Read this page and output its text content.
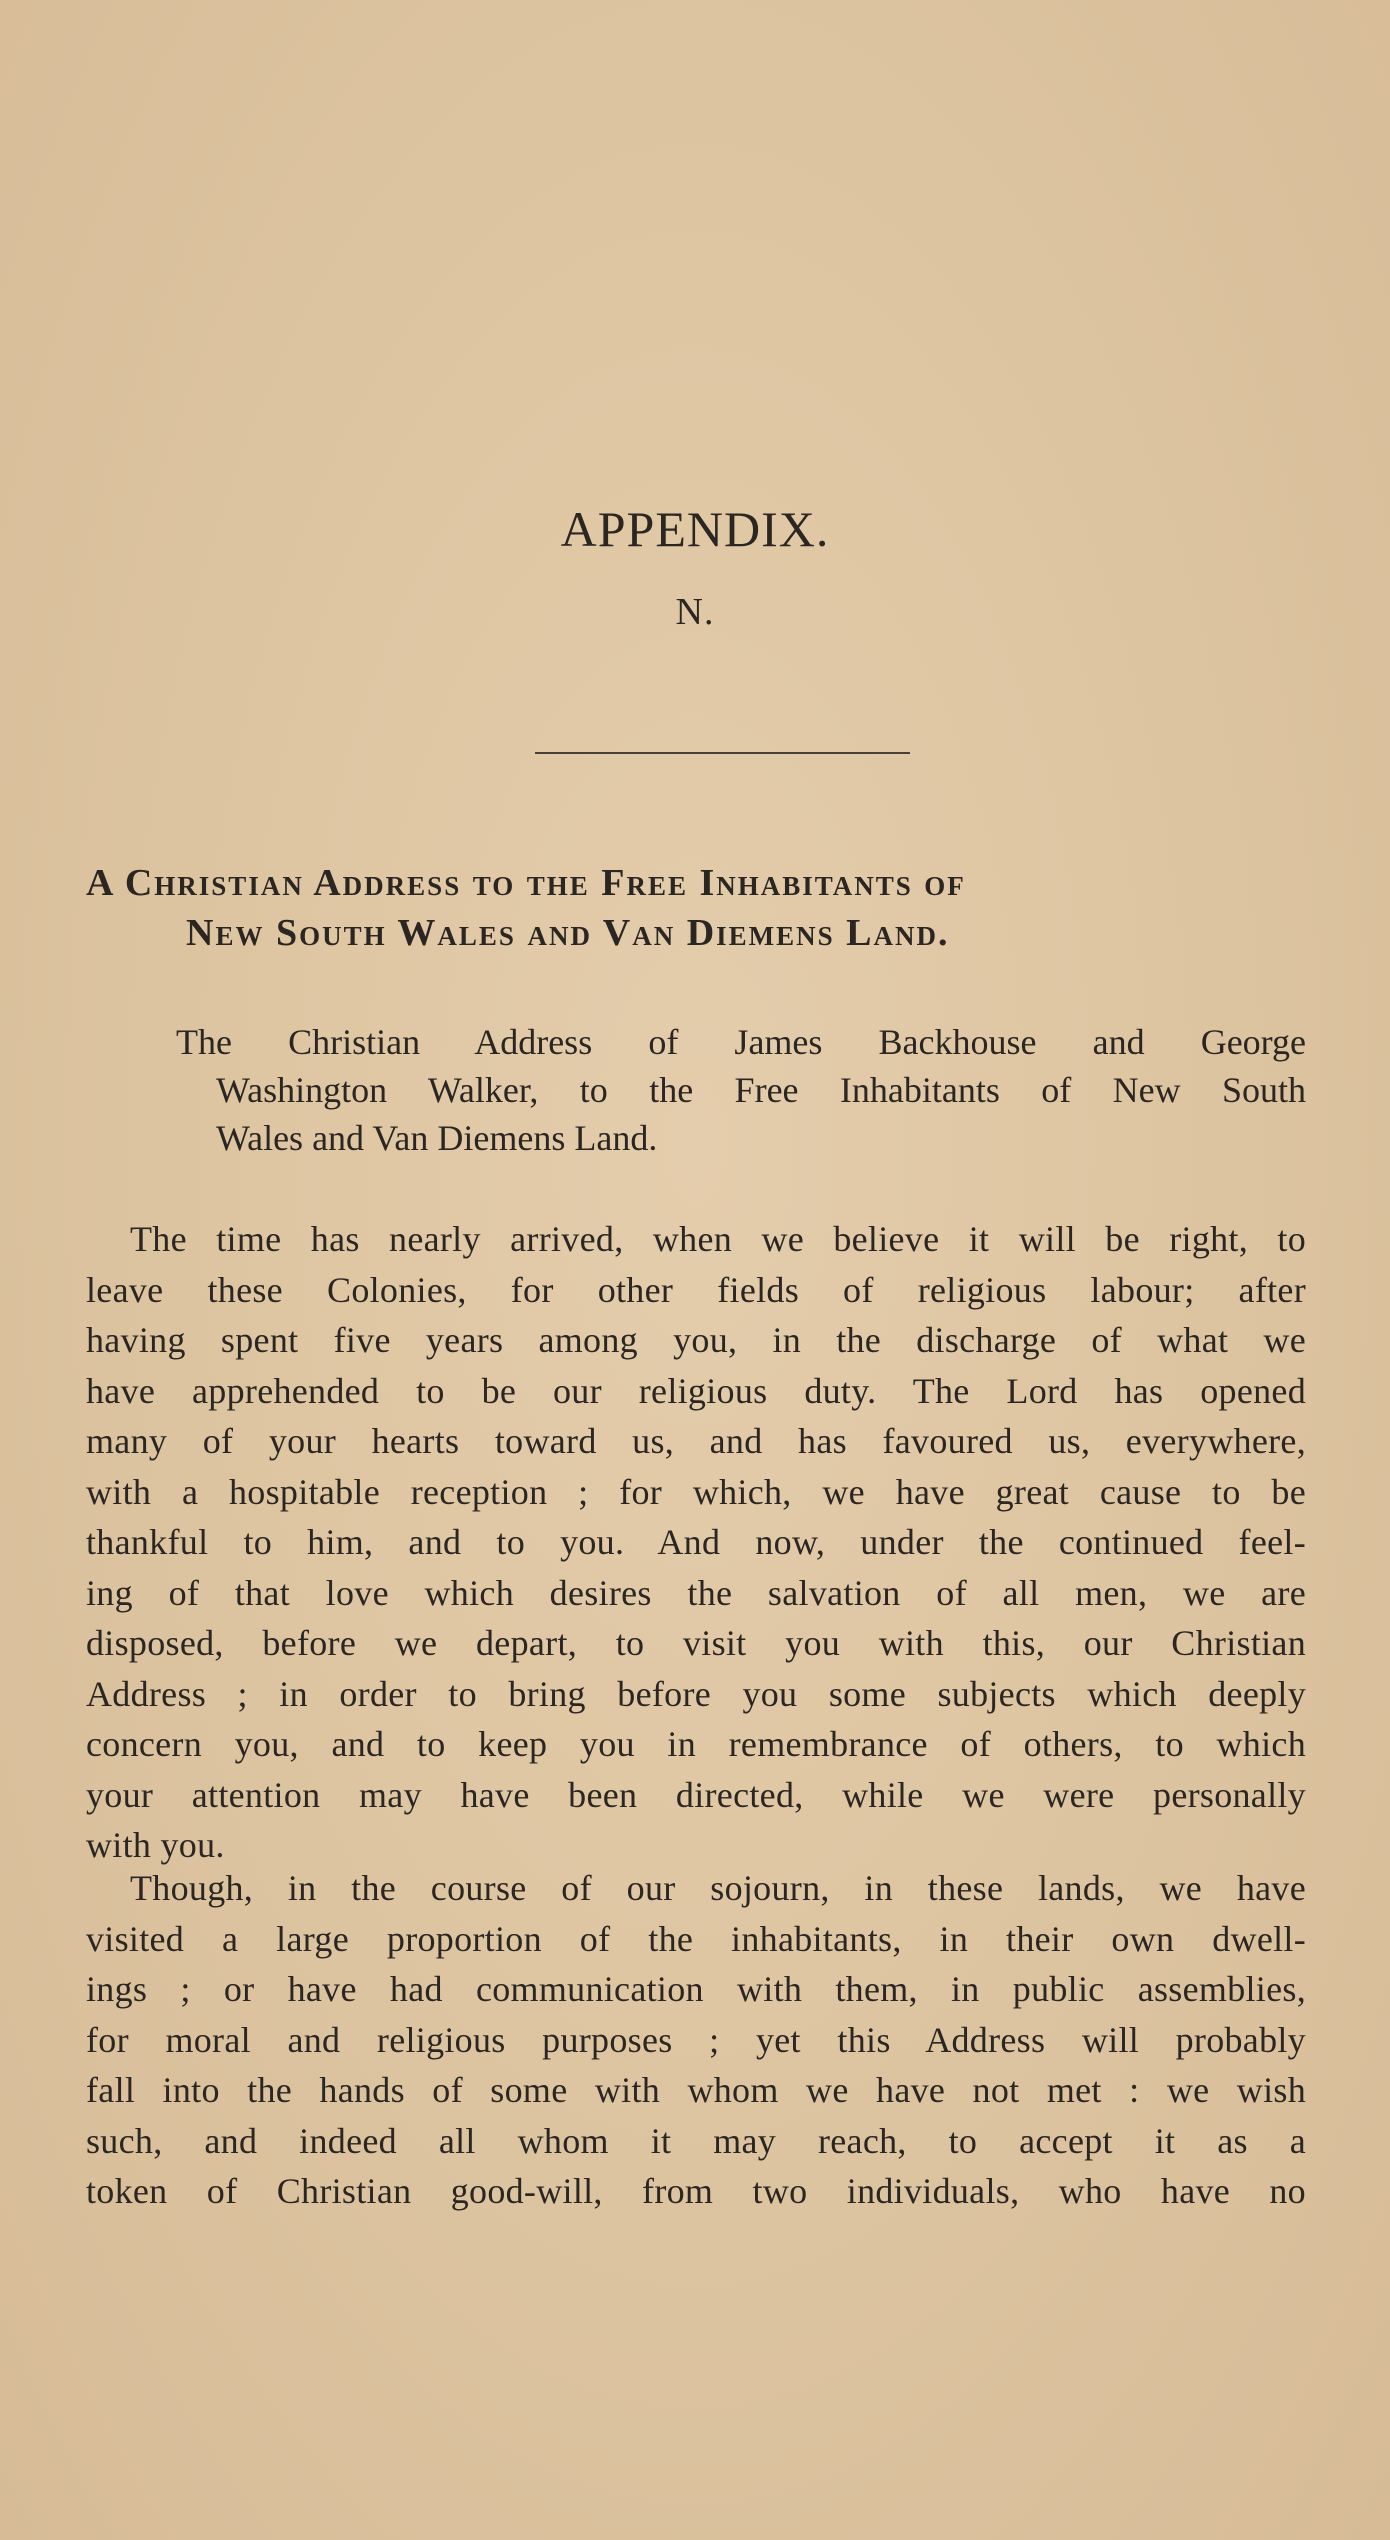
APPENDIX.
N.
A Christian Address to the Free Inhabitants of
New South Wales and Van Diemens Land.

The Christian Address of James Backhouse and George
Washington Walker, to the Free Inhabitants of New South
Wales and Van Diemens Land.

The time has nearly arrived, when we believe it will be right, to
leave these Colonies, for other fields of religious labour; after
having spent five years among you, in the discharge of what we
have apprehended to be our religious duty. The Lord has opened
many of your hearts toward us, and has favoured us, everywhere,
with a hospitable reception ; for which, we have great cause to be
thankful to him, and to you. And now, under the continued feel-
ing of that love which desires the salvation of all men, we are
disposed, before we depart, to visit you with this, our Christian
Address ; in order to bring before you some subjects which deeply
concern you, and to keep you in remembrance of others, to which
your attention may have been directed, while we were personally
with you.

Though, in the course of our sojourn, in these lands, we have
visited a large proportion of the inhabitants, in their own dwell-
ings ; or have had communication with them, in public assemblies,
for moral and religious purposes ; yet this Address will probably
fall into the hands of some with whom we have not met : we wish
such, and indeed all whom it may reach, to accept it as a
token of Christian good-will, from two individuals, who have no
